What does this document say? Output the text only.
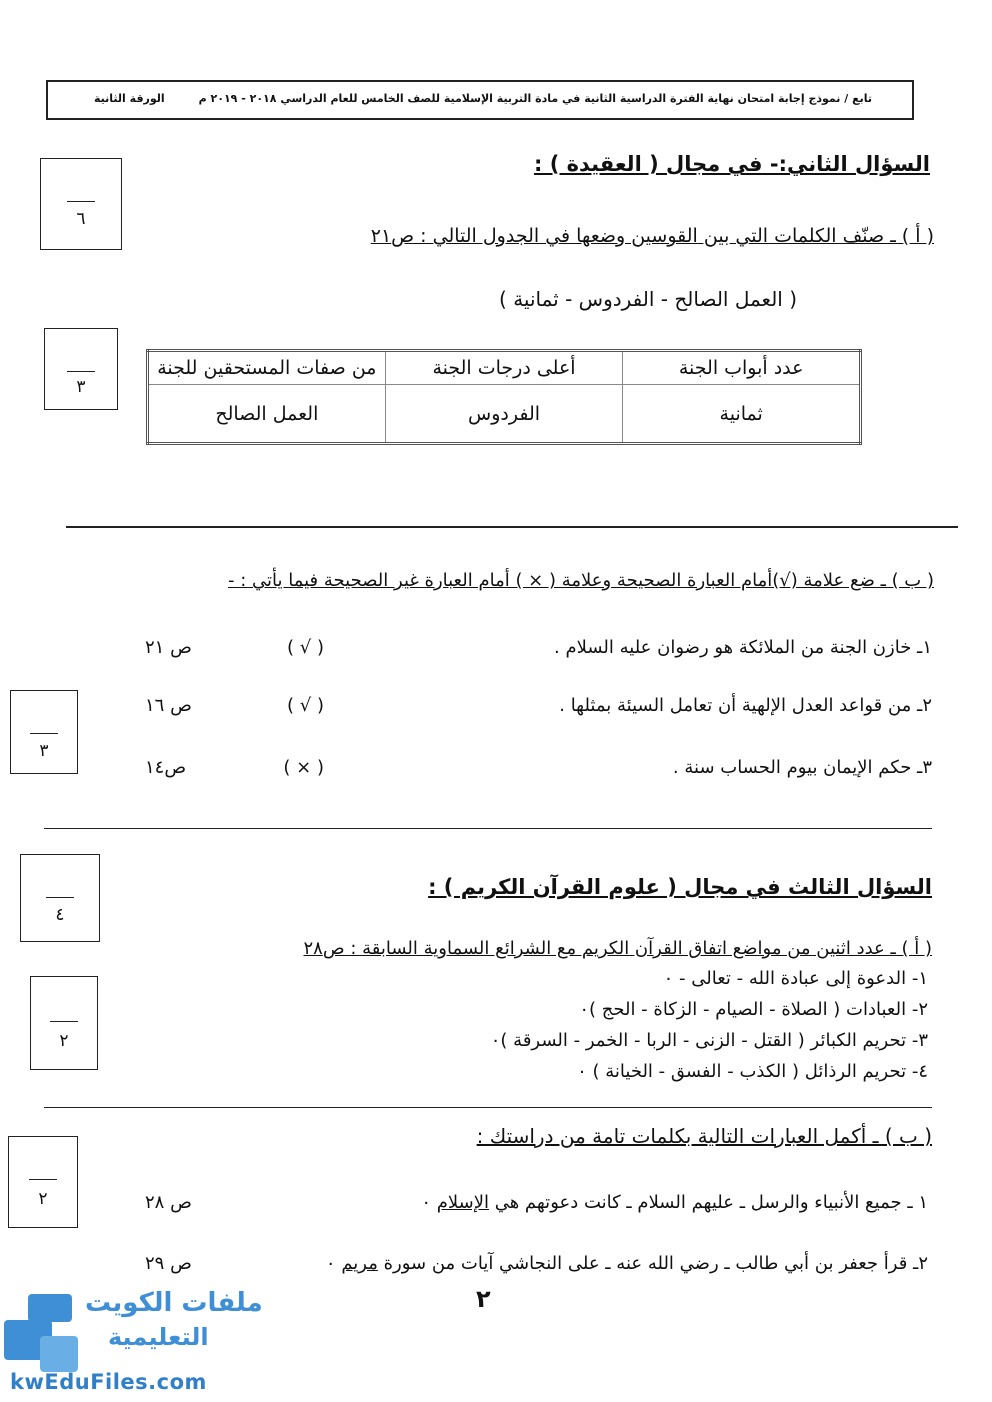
تابع / نموذج إجابة امتحان نهاية الفترة الدراسية الثانية في مادة التربية الإسلامية للصف الخامس للعام الدراسي ٢٠١٨ - ٢٠١٩ م
الورقة الثانية
٦
السؤال الثاني:- في مجال ( العقيدة ) :
( أ ) ـ صنّف الكلمات التي بين القوسين وضعها في الجدول التالي : ص٢١
( العمل الصالح - الفردوس - ثمانية )
٣
عدد أبواب الجنة	أعلى درجات الجنة	من صفات المستحقين للجنة
ثمانية	الفردوس	العمل الصالح
( ب ) ـ ضع علامة (√)أمام العبارة الصحيحة وعلامة ( × ) أمام العبارة غير الصحيحة فيما يأتي : -
٣
١ـ خازن الجنة من الملائكة هو رضوان عليه السلام .
( √ )
ص ٢١
٢ـ من قواعد العدل الإلهية أن تعامل السيئة بمثلها .
( √ )
ص ١٦
٣ـ حكم الإيمان بيوم الحساب سنة .
( × )
ص١٤
٤
السؤال الثالث في مجال ( علوم القرآن الكريم ) :
( أ ) ـ عدد اثنين من مواضع اتفاق القرآن الكريم مع الشرائع السماوية السابقة : ص٢٨
٢
١- الدعوة إلى عبادة الله - تعالى - ٠
٢- العبادات ( الصلاة - الصيام - الزكاة - الحج )٠
٣- تحريم الكبائر ( القتل - الزنى - الربا - الخمر - السرقة )٠
٤- تحريم الرذائل ( الكذب - الفسق - الخيانة ) ٠
( ب ) ـ أكمل العبارات التالية بكلمات تامة من دراستك :
٢	١ ـ جميع الأنبياء والرسل ـ عليهم السلام ـ كانت دعوتهم هي الإسلام ٠
ص ٢٨
٢ـ قرأ جعفر بن أبي طالب ـ رضي الله عنه ـ على النجاشي آيات من سورة مريم ٠
ص ٢٩
٢
ملفات الكويت
التعليمية
kwEduFiles.com
